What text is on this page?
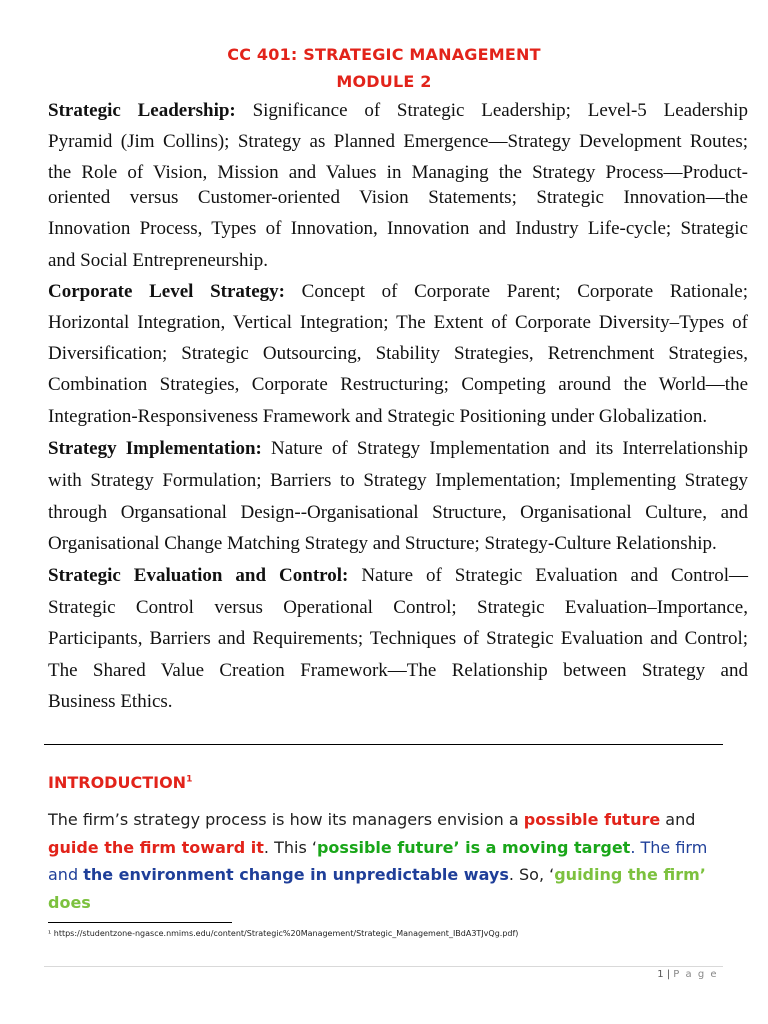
CC 401: STRATEGIC MANAGEMENT
MODULE 2
Strategic Leadership: Significance of Strategic Leadership; Level-5 Leadership
Pyramid (Jim Collins); Strategy as Planned Emergence—Strategy Development Routes;
the Role of Vision, Mission and Values in Managing the Strategy Process—Product-
oriented versus Customer-oriented Vision Statements; Strategic Innovation—the
Innovation Process, Types of Innovation, Innovation and Industry Life-cycle; Strategic
and Social Entrepreneurship.
Corporate Level Strategy: Concept of Corporate Parent; Corporate Rationale;
Horizontal Integration, Vertical Integration; The Extent of Corporate Diversity–Types of
Diversification; Strategic Outsourcing, Stability Strategies, Retrenchment Strategies,
Combination Strategies, Corporate Restructuring; Competing around the World—the
Integration-Responsiveness Framework and Strategic Positioning under Globalization.
Strategy Implementation: Nature of Strategy Implementation and its Interrelationship
with Strategy Formulation; Barriers to Strategy Implementation; Implementing Strategy
through Organsational Design--Organisational Structure, Organisational Culture, and
Organisational Change Matching Strategy and Structure; Strategy-Culture Relationship.
Strategic Evaluation and Control: Nature of Strategic Evaluation and Control—
Strategic Control versus Operational Control; Strategic Evaluation–Importance,
Participants, Barriers and Requirements; Techniques of Strategic Evaluation and Control;
The Shared Value Creation Framework—The Relationship between Strategy and
Business Ethics.
INTRODUCTION$^1$
The firm’s strategy process is how its managers envision a possible future and
guide the firm toward it. This ‘possible future’ is a moving target. The firm
and the environment change in unpredictable ways. So, ‘guiding the firm’ does
¹ https://studentzone-ngasce.nmims.edu/content/Strategic%20Management/Strategic_Management_IBdA3TJvQg.pdf)
1 | P a g e
